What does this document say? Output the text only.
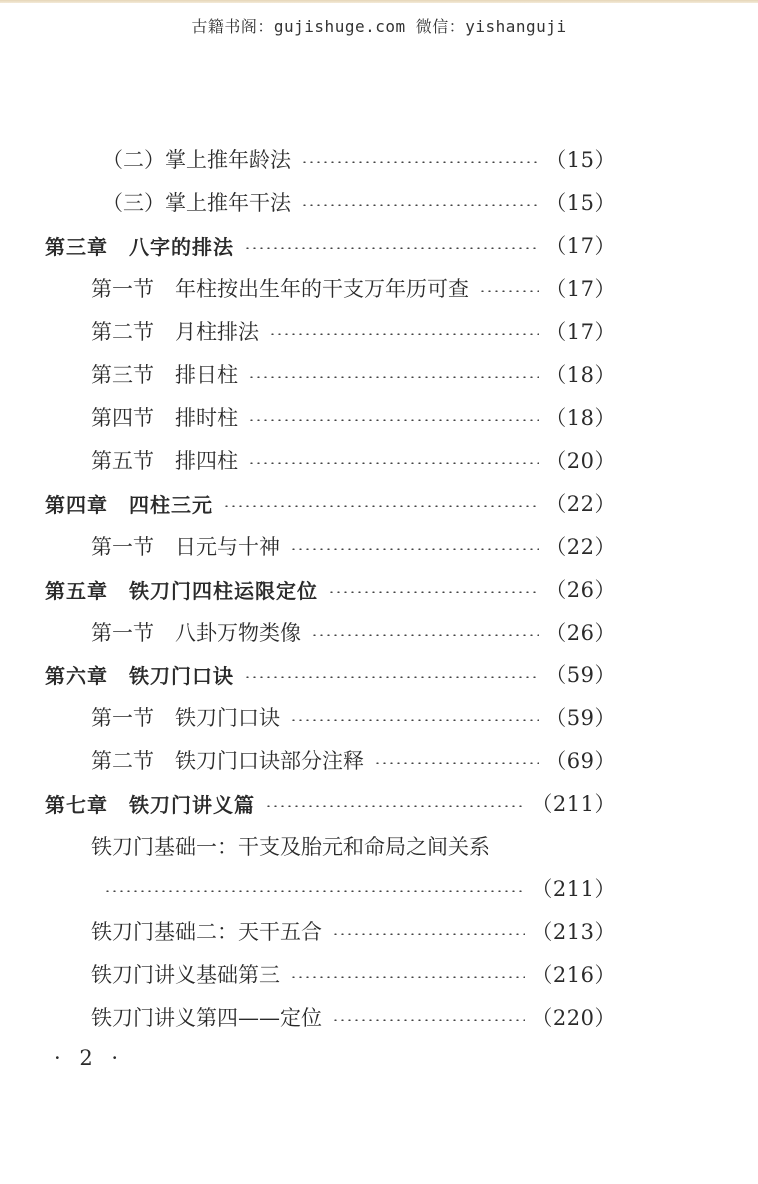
古籍书阁：gujishuge.com 微信：yishanguji
（二）掌上推年龄法	（15）
（三）掌上推年干法	（15）
第三章　八字的排法	（17）
第一节　年柱按出生年的干支万年历可查	（17）
第二节　月柱排法	（17）
第三节　排日柱	（18）
第四节　排时柱	（18）
第五节　排四柱	（20）
第四章　四柱三元	（22）
第一节　日元与十神	（22）
第五章　铁刀门四柱运限定位	（26）
第一节　八卦万物类像	（26）
第六章　铁刀门口诀	（59）
第一节　铁刀门口诀	（59）
第二节　铁刀门口诀部分注释	（69）
第七章　铁刀门讲义篇	（211）
铁刀门基础一：干支及胎元和命局之间关系
（211）
铁刀门基础二：天干五合	（213）
铁刀门讲义基础第三	（216）
铁刀门讲义第四——定位	（220）
· 2 ·
